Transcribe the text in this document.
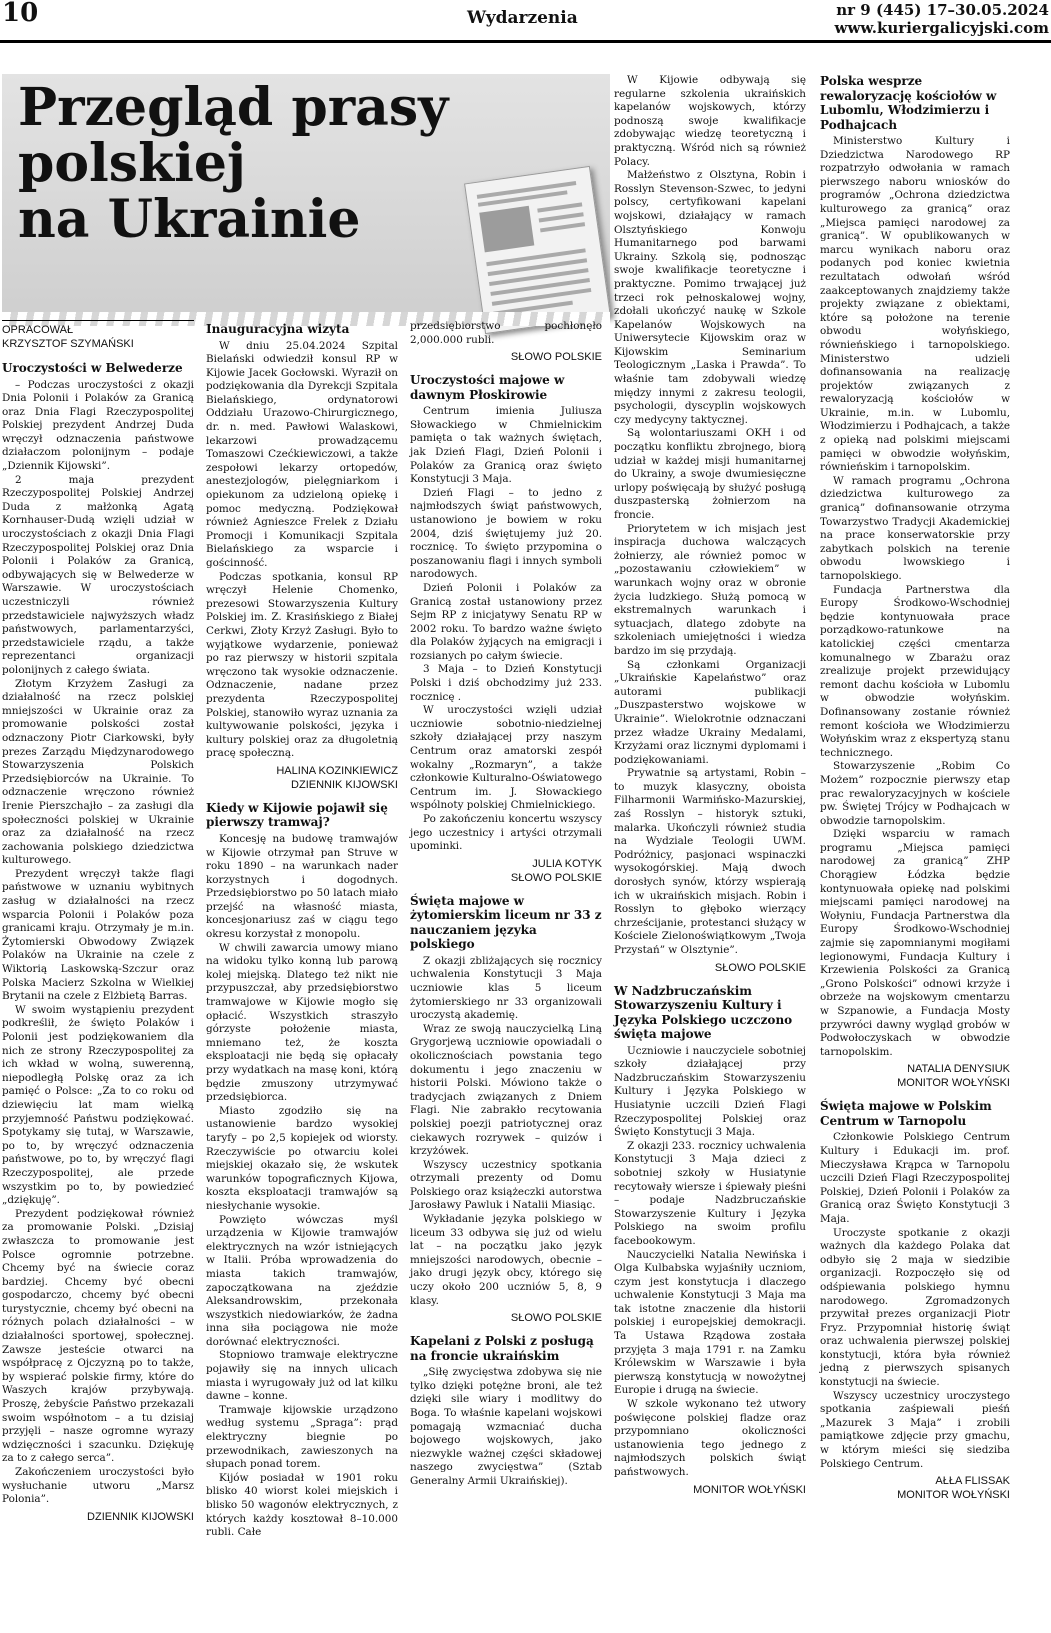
10	Wydarzenia	nr 9 (445) 17–30.05.2024
www.kuriergalicyjski.com
Przegląd prasy
polskiej
na Ukrainie
OPRACOWAŁ
KRZYSZTOF SZYMAŃSKI
Uroczystości w Belwederze

– Podczas uroczystości z okazji Dnia Polonii i Polaków za Granicą oraz Dnia Flagi Rzeczypospolitej Polskiej prezydent Andrzej Duda wręczył odznaczenia państwowe działaczom polonijnym – podaje „Dziennik Kijowski”.

2 maja prezydent Rzeczypospolitej Polskiej Andrzej Duda z małżonką Agatą Kornhauser-Dudą wzięli udział w uroczystościach z okazji Dnia Flagi Rzeczypospolitej Polskiej oraz Dnia Polonii i Polaków za Granicą, odbywających się w Belwederze w Warszawie. W uroczystościach uczestniczyli również przedstawiciele najwyższych władz państwowych, parlamentarzyści, przedstawiciele rządu, a także reprezentanci organizacji polonijnych z całego świata.

Złotym Krzyżem Zasługi za działalność na rzecz polskiej mniejszości w Ukrainie oraz za promowanie polskości został odznaczony Piotr Ciarkowski, były prezes Zarządu Międzynarodowego Stowarzyszenia Polskich Przedsiębiorców na Ukrainie. To odznaczenie wręczono również Irenie Pierszchajło – za zasługi dla społeczności polskiej w Ukrainie oraz za działalność na rzecz zachowania polskiego dziedzictwa kulturowego.

Prezydent wręczył także flagi państwowe w uznaniu wybitnych zasług w działalności na rzecz wsparcia Polonii i Polaków poza granicami kraju. Otrzymały je m.in. Żytomierski Obwodowy Związek Polaków na Ukrainie na czele z Wiktorią Laskowską-Szczur oraz Polska Macierz Szkolna w Wielkiej Brytanii na czele z Elżbietą Barras.

W swoim wystąpieniu prezydent podkreślił, że święto Polaków i Polonii jest podziękowaniem dla nich ze strony Rzeczypospolitej za ich wkład w wolną, suwerenną, niepodległą Polskę oraz za ich pamięć o Polsce: „Za to co roku od dziewięciu lat mam wielką przyjemność Państwu podziękować. Spotykamy się tutaj, w Warszawie, po to, by wręczyć odznaczenia państwowe, po to, by wręczyć flagi Rzeczypospolitej, ale przede wszystkim po to, by powiedzieć „dziękuję”.

Prezydent podziękował również za promowanie Polski. „Dzisiaj zwłaszcza to promowanie jest Polsce ogromnie potrzebne. Chcemy być na świecie coraz bardziej. Chcemy być obecni gospodarczo, chcemy być obecni turystycznie, chcemy być obecni na różnych polach działalności – w działalności sportowej, społecznej. Zawsze jesteście otwarci na współpracę z Ojczyzną po to także, by wspierać polskie firmy, które do Waszych krajów przybywają. Proszę, żebyście Państwo przekazali swoim współnotom – a tu dzisiaj przyjęli – nasze ogromne wyrazy wdzięczności i szacunku. Dziękuję za to z całego serca”.

Zakończeniem uroczystości było wysłuchanie utworu „Marsz Polonia”.

DZIENNIK KIJOWSKI
Inauguracyjna wizyta

W dniu 25.04.2024 Szpital Bielański odwiedził konsul RP w Kijowie Jacek Gocłowski. Wyraził on podziękowania dla Dyrekcji Szpitala Bielańskiego, ordynatorowi Oddziału Urazowo-Chirurgicznego, dr. n. med. Pawłowi Walaskowi, lekarzowi prowadzącemu Tomaszowi Czećkiewiczowi, a także zespołowi lekarzy ortopedów, anestezjologów, pielęgniarkom i opiekunom za udzieloną opiekę i pomoc medyczną. Podziękował również Agnieszce Frelek z Działu Promocji i Komunikacji Szpitala Bielańskiego za wsparcie i gościnność.

Podczas spotkania, konsul RP wręczył Helenie Chomenko, prezesowi Stowarzyszenia Kultury Polskiej im. Z. Krasińskiego z Białej Cerkwi, Złoty Krzyż Zasługi. Było to wyjątkowe wydarzenie, ponieważ po raz pierwszy w historii szpitala wręczono tak wysokie odznaczenie. Odznaczenie, nadane przez prezydenta Rzeczypospolitej Polskiej, stanowiło wyraz uznania za kultywowanie polskości, języka i kultury polskiej oraz za długoletnią pracę społeczną.

HALINA KOZINKIEWICZ
DZIENNIK KIJOWSKI
Kiedy w Kijowie pojawił się pierwszy tramwaj?

Koncesję na budowę tramwajów w Kijowie otrzymał pan Struve w roku 1890 – na warunkach nader korzystnych i dogodnych. Przedsiębiorstwo po 50 latach miało przejść na własność miasta, koncesjonariusz zaś w ciągu tego okresu korzystał z monopolu.

W chwili zawarcia umowy miano na widoku tylko konną lub parową kolej miejską. Dlatego też nikt nie przypuszczał, aby przedsiębiorstwo tramwajowe w Kijowie mogło się opłacić. Wszystkich straszyło górzyste położenie miasta, mniemano też, że koszta eksploatacji nie będą się opłacały przy wydatkach na masę koni, którą będzie zmuszony utrzymywać przedsiębiorca.

Miasto zgodziło się na ustanowienie bardzo wysokiej taryfy – po 2,5 kopiejek od wiorsty. Rzeczywiście po otwarciu kolei miejskiej okazało się, że wskutek warunków topograficznych Kijowa, koszta eksploatacji tramwajów są niesłychanie wysokie.

Powzięto wówczas myśl urządzenia w Kijowie tramwajów elektrycznych na wzór istniejących w Italii. Próba wprowadzenia do miasta takich tramwajów, zapoczątkowana na zjeździe Aleksandrowskim, przekonała wszystkich niedowiarków, że żadna inna siła pociągowa nie może dorównać elektryczności.

Stopniowo tramwaje elektryczne pojawiły się na innych ulicach miasta i wyrugowały już od lat kilku dawne – konne.

Tramwaje kijowskie urządzono według systemu „Spraga”: prąd elektryczny biegnie po przewodnikach, zawieszonych na słupach ponad torem.

Kijów posiadał w 1901 roku blisko 40 wiorst kolei miejskich i blisko 50 wagonów elektrycznych, z których każdy kosztował 8–10.000 rubli. Całe

przedsiębiorstwo pochłonęło 2,000.000 rubli.

SŁOWO POLSKIE
Uroczystości majowe w dawnym Płoskirowie

Centrum imienia Juliusza Słowackiego w Chmielnickim pamięta o tak ważnych świętach, jak Dzień Flagi, Dzień Polonii i Polaków za Granicą oraz święto Konstytucji 3 Maja.

Dzień Flagi – to jedno z najmłodszych świąt państwowych, ustanowiono je bowiem w roku 2004, dziś świętujemy już 20. rocznicę. To święto przypomina o poszanowaniu flagi i innych symboli narodowych.

Dzień Polonii i Polaków za Granicą został ustanowiony przez Sejm RP z inicjatywy Senatu RP w 2002 roku. To bardzo ważne święto dla Polaków żyjących na emigracji i rozsianych po całym świecie.

3 Maja – to Dzień Konstytucji Polski i dziś obchodzimy już 233. rocznicę .

W uroczystości wzięli udział uczniowie sobotnio-niedzielnej szkoły działającej przy naszym Centrum oraz amatorski zespół wokalny „Rozmaryn”, a także członkowie Kulturalno-Oświatowego Centrum im. J. Słowackiego wspólnoty polskiej Chmielnickiego.

Po zakończeniu koncertu wszyscy jego uczestnicy i artyści otrzymali upominki.

JULIA KOTYK
SŁOWO POLSKIE
Święta majowe w żytomierskim liceum nr 33 z nauczaniem języka polskiego

Z okazji zbliżających się rocznicy uchwalenia Konstytucji 3 Maja uczniowie klas 5 liceum żytomierskiego nr 33 organizowali uroczystą akademię.

Wraz ze swoją nauczycielką Liną Grygorjewą uczniowie opowiadali o okolicznościach powstania tego dokumentu i jego znaczeniu w historii Polski. Mówiono także o tradycjach związanych z Dniem Flagi. Nie zabrakło recytowania polskiej poezji patriotycznej oraz ciekawych rozrywek – quizów i krzyżówek.

Wszyscy uczestnicy spotkania otrzymali prezenty od Domu Polskiego oraz książeczki autorstwa Jarosławy Pawluk i Natalii Miasiąc.

Wykładanie języka polskiego w liceum 33 odbywa się już od wielu lat – na początku jako język mniejszości narodowych, obecnie – jako drugi język obcy, którego się uczy około 200 uczniów 5, 8, 9 klasy.

SŁOWO POLSKIE
Kapelani z Polski z posługą na froncie ukraińskim

„Siłę zwycięstwa zdobywa się nie tylko dzięki potężne broni, ale też dzięki sile wiary i modlitwy do Boga. To właśnie kapelani wojskowi pomagają wzmacniać ducha bojowego wojskowych, jako niezwykle ważnej części składowej naszego zwycięstwa” (Sztab Generalny Armii Ukraińskiej).

W Kijowie odbywają się regularne szkolenia ukraińskich kapelanów wojskowych, którzy podnoszą swoje kwalifikacje zdobywając wiedzę teoretyczną i praktyczną. Wśród nich są również Polacy.

Małżeństwo z Olsztyna, Robin i Rosslyn Stevenson-Szwec, to jedyni polscy, certyfikowani kapelani wojskowi, działający w ramach Olsztyńskiego Konwoju Humanitarnego pod barwami Ukrainy. Szkolą się, podnosząc swoje kwalifikacje teoretyczne i praktyczne. Pomimo trwającej już trzeci rok pełnoskalowej wojny, zdołali ukończyć naukę w Szkole Kapelanów Wojskowych na Uniwersytecie Kijowskim oraz w Kijowskim Seminarium Teologicznym „Laska i Prawda”. To właśnie tam zdobywali wiedzę między innymi z zakresu teologii, psychologii, dyscyplin wojskowych czy medycyny taktycznej.

Są wolontariuszami OKH i od początku konfliktu zbrojnego, biorą udział w każdej misji humanitarnej do Ukrainy, a swoje dwumiesięczne urlopy poświęcają by służyć posługą duszpasterską żołnierzom na froncie.

Priorytetem w ich misjach jest inspiracja duchowa walczących żołnierzy, ale również pomoc w „pozostawaniu człowiekiem” w warunkach wojny oraz w obronie życia ludzkiego. Służą pomocą w ekstremalnych warunkach i sytuacjach, dlatego zdobyte na szkoleniach umiejętności i wiedza bardzo im się przydają.

Są członkami Organizacji „Ukraińskie Kapelaństwo” oraz autorami publikacji „Duszpasterstwo wojskowe w Ukrainie”. Wielokrotnie odznaczani przez władze Ukrainy Medalami, Krzyżami oraz licznymi dyplomami i podziękowaniami.

Prywatnie są artystami, Robin – to muzyk klasyczny, oboista Filharmonii Warmińsko-Mazurskiej, zaś Rosslyn – historyk sztuki, malarka. Ukończyli również studia na Wydziale Teologii UWM. Podróżnicy, pasjonaci wspinaczki wysokogórskiej. Mają dwoch dorosłych synów, którzy wspierają ich w ukraińskich misjach. Robin i Rosslyn to głęboko wierzący chrześcijanie, protestanci służący w Kościele Zielonoświątkowym „Twoja Przystań” w Olsztynie”.

SŁOWO POLSKIE
W Nadzbruczańskim Stowarzyszeniu Kultury i Języka Polskiego uczczono święta majowe

Uczniowie i nauczyciele sobotniej szkoły działającej przy Nadzbruczańskim Stowarzyszeniu Kultury i Języka Polskiego w Husiatynie uczcili Dzień Flagi Rzeczypospolitej Polskiej oraz Święto Konstytucji 3 Maja.

Z okazji 233. rocznicy uchwalenia Konstytucji 3 Maja dzieci z sobotniej szkoły w Husiatynie recytowały wiersze i śpiewały pieśni – podaje Nadzbruczańskie Stowarzyszenie Kultury i Języka Polskiego na swoim profilu facebookowym.

Nauczycielki Natalia Newińska i Olga Kulbabska wyjaśniły uczniom, czym jest konstytucja i dlaczego uchwalenie Konstytucji 3 Maja ma tak istotne znaczenie dla historii polskiej i europejskiej demokracji. Ta Ustawa Rządowa została przyjęta 3 maja 1791 r. na Zamku Królewskim w Warszawie i była pierwszą konstytucją w nowożytnej Europie i drugą na świecie.

W szkole wykonano też utwory poświęcone polskiej fladze oraz przypomniano okoliczności ustanowienia tego jednego z najmłodszych polskich świąt państwowych.

MONITOR WOŁYŃSKI
Polska wesprze rewaloryzację kościołów w Lubomlu, Włodzimierzu i Podhajcach

Ministerstwo Kultury i Dziedzictwa Narodowego RP rozpatrzyło odwołania w ramach pierwszego naboru wniosków do programów „Ochrona dziedzictwa kulturowego za granicą” oraz „Miejsca pamięci narodowej za granicą”. W opublikowanych w marcu wynikach naboru oraz podanych pod koniec kwietnia rezultatach odwołań wśród zaakceptowanych znajdziemy także projekty związane z obiektami, które są położone na terenie obwodu wołyńskiego, równieńskiego i tarnopolskiego. Ministerstwo udzieli dofinansowania na realizację projektów związanych z rewaloryzacją kościołów w Ukrainie, m.in. w Lubomlu, Włodzimierzu i Podhajcach, a także z opieką nad polskimi miejscami pamięci w obwodzie wołyńskim, równieńskim i tarnopolskim.

W ramach programu „Ochrona dziedzictwa kulturowego za granicą” dofinansowanie otrzyma Towarzystwo Tradycji Akademickiej na prace konserwatorskie przy zabytkach polskich na terenie obwodu lwowskiego i tarnopolskiego.

Fundacja Partnerstwa dla Europy Środkowo-Wschodniej będzie kontynuowała prace porządkowo-ratunkowe na katolickiej części cmentarza komunalnego w Zbarażu oraz zrealizuje projekt przewidujący remont dachu kościoła w Lubomlu w obwodzie wołyńskim. Dofinansowany zostanie również remont kościoła we Włodzimierzu Wołyńskim wraz z ekspertyzą stanu technicznego.

Stowarzyszenie „Robim Co Możem” rozpocznie pierwszy etap prac rewaloryzacyjnych w kościele pw. Świętej Trójcy w Podhajcach w obwodzie tarnopolskim.

Dzięki wsparciu w ramach programu „Miejsca pamięci narodowej za granicą” ZHP Chorągiew Łódzka będzie kontynuowała opiekę nad polskimi miejscami pamięci narodowej na Wołyniu, Fundacja Partnerstwa dla Europy Środkowo-Wschodniej zajmie się zapomnianymi mogiłami legionowymi, Fundacja Kultury i Krzewienia Polskości za Granicą „Grono Polskości” odnowi krzyże i obrzeże na wojskowym cmentarzu w Szpanowie, a Fundacja Mosty przywróci dawny wygląd grobów w Podwołoczyskach w obwodzie tarnopolskim.

NATALIA DENYSIUK
MONITOR WOŁYŃSKI
Święta majowe w Polskim Centrum w Tarnopolu

Członkowie Polskiego Centrum Kultury i Edukacji im. prof. Mieczysława Krąpca w Tarnopolu uczcili Dzień Flagi Rzeczypospolitej Polskiej, Dzień Polonii i Polaków za Granicą oraz Święto Konstytucji 3 Maja.

Uroczyste spotkanie z okazji ważnych dla każdego Polaka dat odbyło się 2 maja w siedzibie organizacji. Rozpoczęło się od odśpiewania polskiego hymnu narodowego. Zgromadzonych przywitał prezes organizacji Piotr Fryz. Przypomniał historię świąt oraz uchwalenia pierwszej polskiej konstytucji, która była również jedną z pierwszych spisanych konstytucji na świecie.

Wszyscy uczestnicy uroczystego spotkania zaśpiewali pieśń „Mazurek 3 Maja” i zrobili pamiątkowe zdjęcie przy gmachu, w którym mieści się siedziba Polskiego Centrum.

AŁŁA FLISSAK
MONITOR WOŁYŃSKI
